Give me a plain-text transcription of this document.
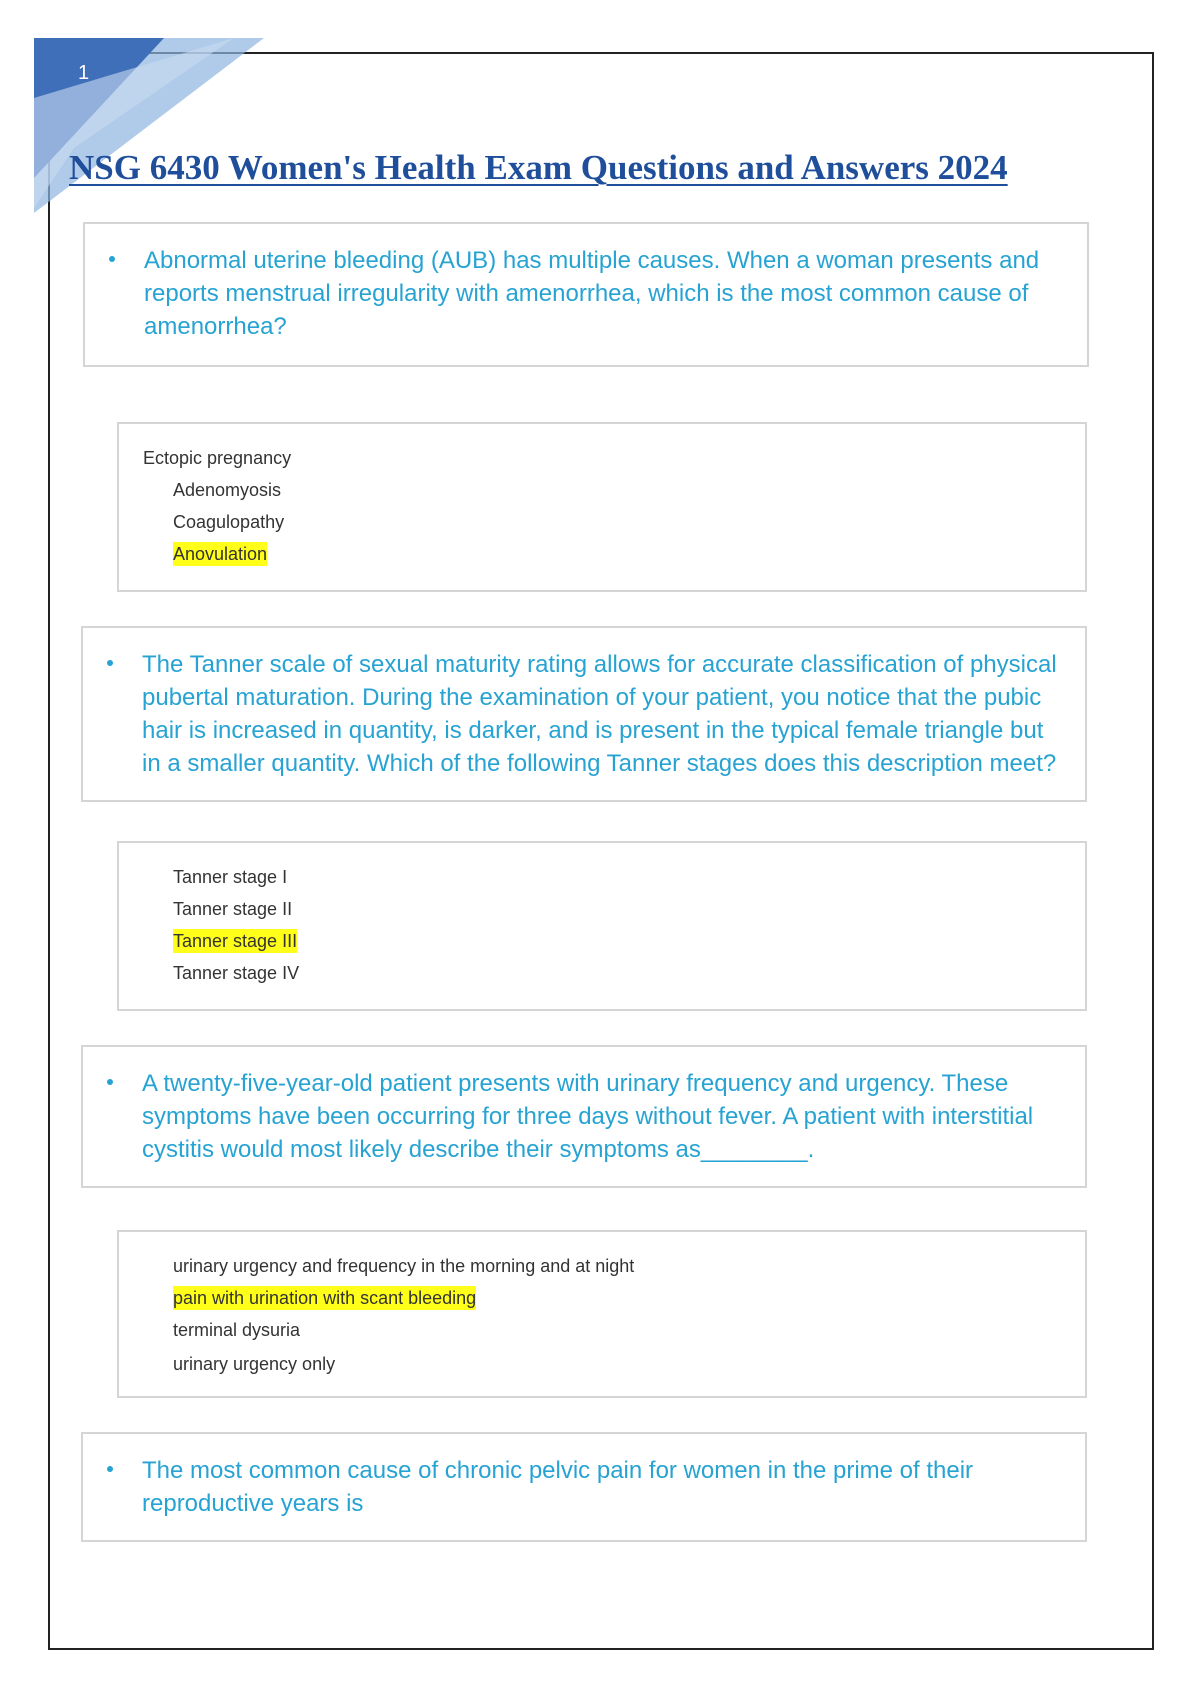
1
NSG 6430 Women's Health Exam Questions and Answers 2024

Abnormal uterine bleeding (AUB) has multiple causes. When a woman presents and reports menstrual irregularity with amenorrhea, which is the most common cause of amenorrhea?

Ectopic pregnancy
Adenomyosis
Coagulopathy
Anovulation

The Tanner scale of sexual maturity rating allows for accurate classification of physical pubertal maturation. During the examination of your patient, you notice that the pubic hair is increased in quantity, is darker, and is present in the typical female triangle but in a smaller quantity. Which of the following Tanner stages does this description meet?

Tanner stage I
Tanner stage II
Tanner stage III
Tanner stage IV

A twenty-five-year-old patient presents with urinary frequency and urgency. These symptoms have been occurring for three days without fever. A patient with interstitial cystitis would most likely describe their symptoms as________.

urinary urgency and frequency in the morning and at night
pain with urination with scant bleeding
terminal dysuria
urinary urgency only

The most common cause of chronic pelvic pain for women in the prime of their reproductive years is
